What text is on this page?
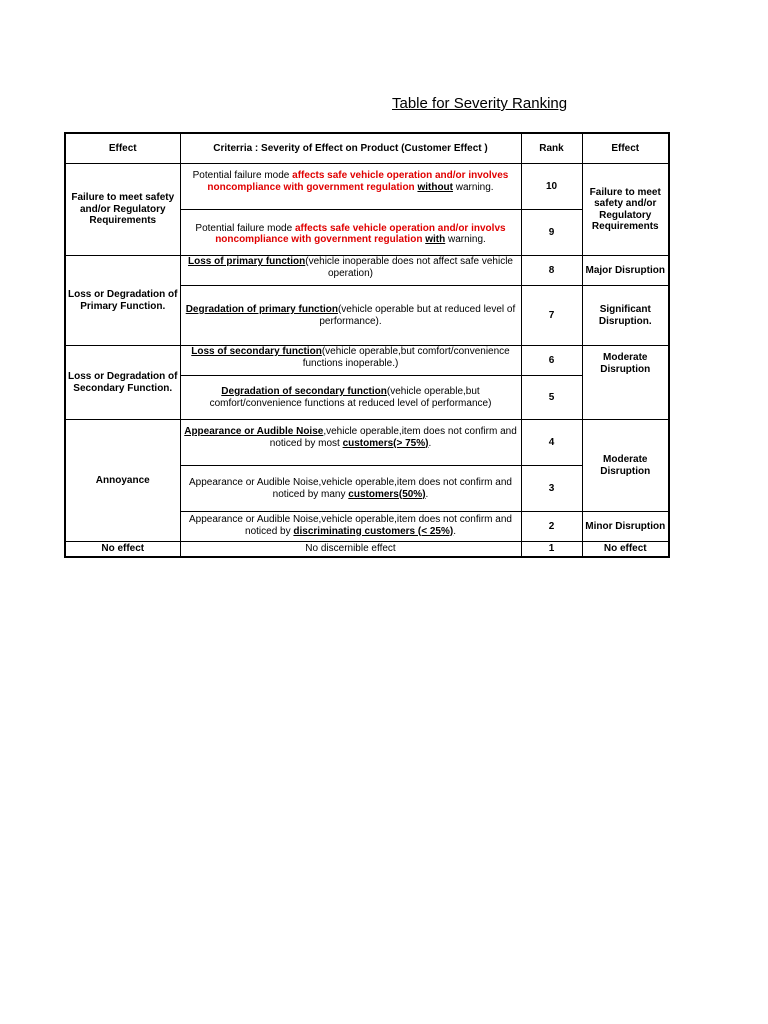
Table for Severity Ranking
Effect	Criterria : Severity of Effect on Product (Customer Effect )	Rank	Effect
Failure to meet safety and/or Regulatory Requirements	Potential failure mode affects safe vehicle operation and/or involves noncompliance with government regulation without warning.	10	Failure to meet safety and/or Regulatory Requirements
	Potential failure mode affects safe vehicle operation and/or involvs noncompliance with government regulation with warning.	9	
Loss or Degradation of Primary Function.	Loss of primary function(vehicle inoperable does not affect safe vehicle operation)	8	Major Disruption
	Degradation of primary function(vehicle operable but at reduced level of performance).	7	Significant Disruption.
Loss or Degradation of Secondary Function.	Loss of secondary function(vehicle operable,but comfort/convenience functions inoperable.)	6	Moderate Disruption
	Degradation of secondary function(vehicle operable,but comfort/convenience functions at reduced level of performance)	5	
Annoyance	Appearance or Audible Noise,vehicle operable,item does not confirm and noticed by most customers(> 75%).	4	Moderate Disruption
	Appearance or Audible Noise,vehicle operable,item does not confirm and noticed by many customers(50%).	3	
	Appearance or Audible Noise,vehicle operable,item does not confirm and noticed by discriminating customers (< 25%).	2	Minor Disruption
No effect	No discernible effect	1	No effect
